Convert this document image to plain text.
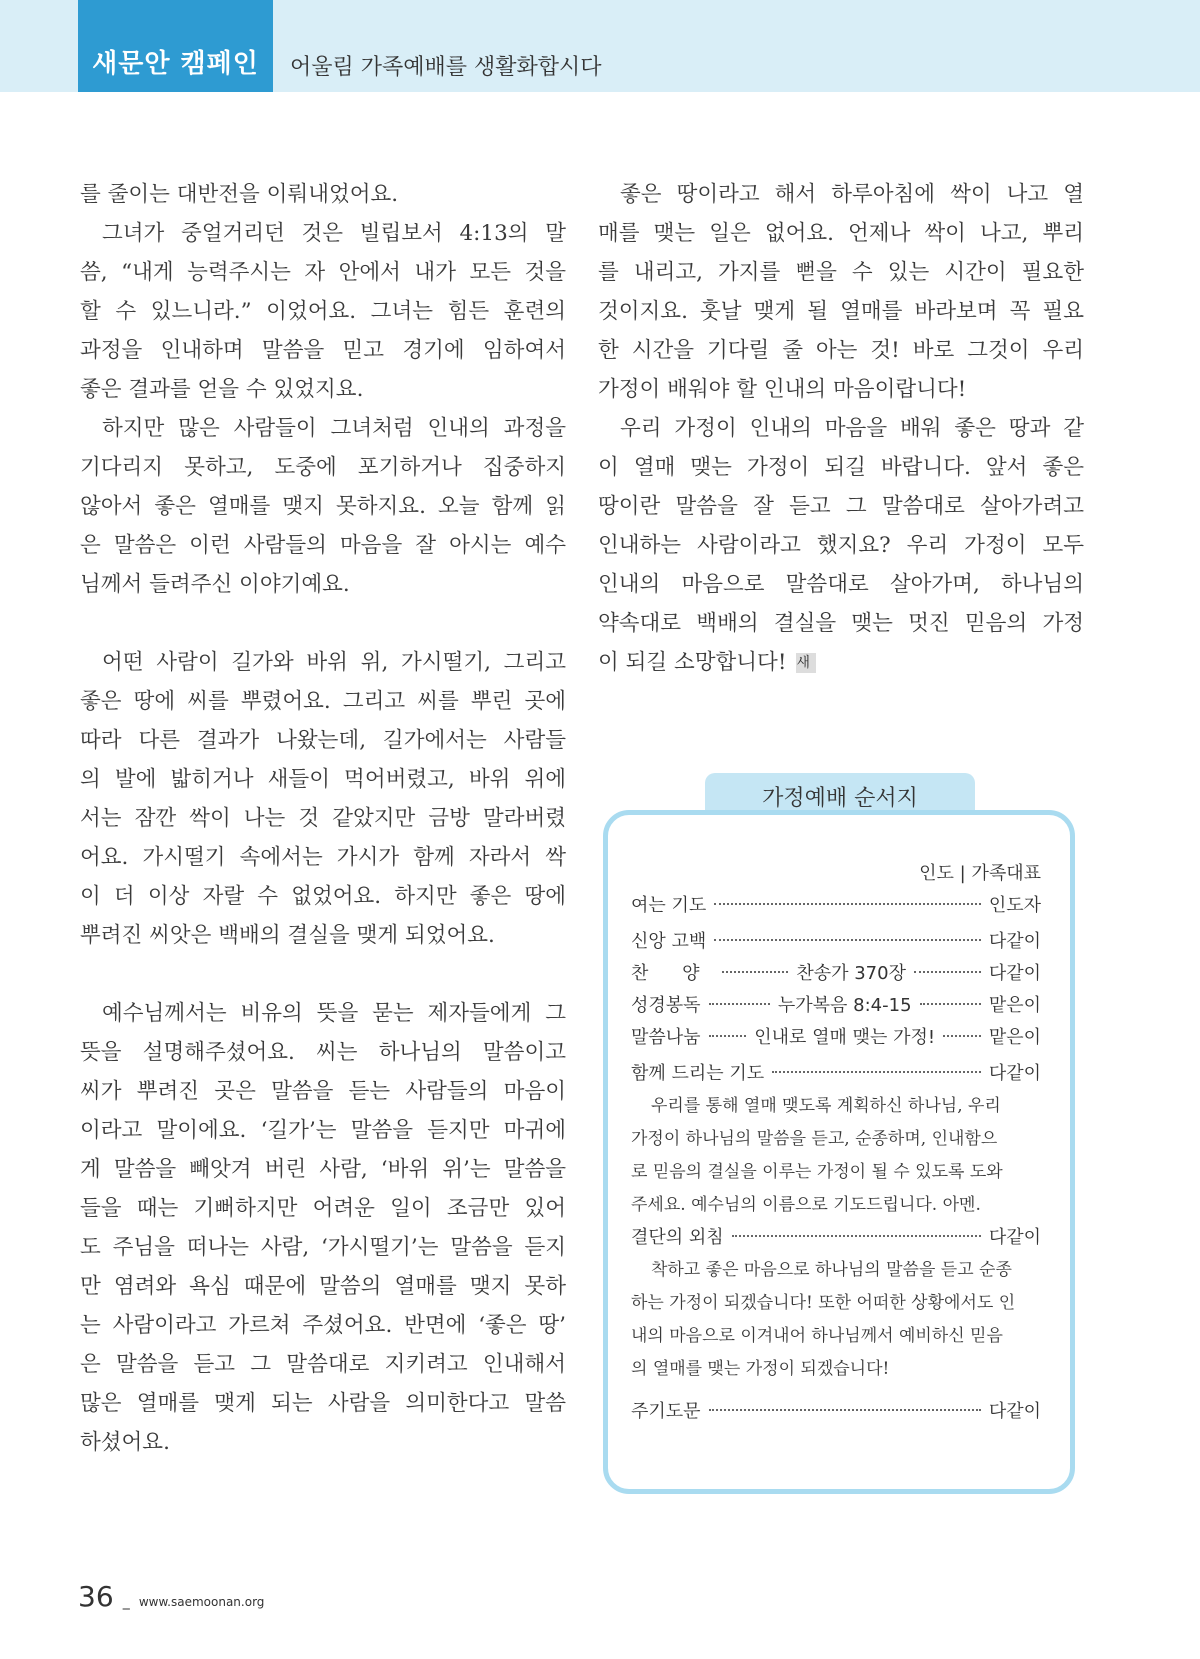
새문안 캠페인	어울림 가족예배를 생활화합시다
를 줄이는 대반전을 이뤄내었어요.
그녀가 중얼거리던 것은 빌립보서 4:13의 말
씀, “내게 능력주시는 자 안에서 내가 모든 것을
할 수 있느니라.” 이었어요. 그녀는 힘든 훈련의
과정을 인내하며 말씀을 믿고 경기에 임하여서
좋은 결과를 얻을 수 있었지요.
하지만 많은 사람들이 그녀처럼 인내의 과정을
기다리지 못하고, 도중에 포기하거나 집중하지
않아서 좋은 열매를 맺지 못하지요. 오늘 함께 읽
은 말씀은 이런 사람들의 마음을 잘 아시는 예수
님께서 들려주신 이야기예요.
어떤 사람이 길가와 바위 위, 가시떨기, 그리고
좋은 땅에 씨를 뿌렸어요. 그리고 씨를 뿌린 곳에
따라 다른 결과가 나왔는데, 길가에서는 사람들
의 발에 밟히거나 새들이 먹어버렸고, 바위 위에
서는 잠깐 싹이 나는 것 같았지만 금방 말라버렸
어요. 가시떨기 속에서는 가시가 함께 자라서 싹
이 더 이상 자랄 수 없었어요. 하지만 좋은 땅에
뿌려진 씨앗은 백배의 결실을 맺게 되었어요.
예수님께서는 비유의 뜻을 묻는 제자들에게 그
뜻을 설명해주셨어요. 씨는 하나님의 말씀이고
씨가 뿌려진 곳은 말씀을 듣는 사람들의 마음이
이라고 말이에요. ‘길가’는 말씀을 듣지만 마귀에
게 말씀을 빼앗겨 버린 사람, ‘바위 위’는 말씀을
들을 때는 기뻐하지만 어려운 일이 조금만 있어
도 주님을 떠나는 사람, ‘가시떨기’는 말씀을 듣지
만 염려와 욕심 때문에 말씀의 열매를 맺지 못하
는 사람이라고 가르쳐 주셨어요. 반면에 ‘좋은 땅’
은 말씀을 듣고 그 말씀대로 지키려고 인내해서
많은 열매를 맺게 되는 사람을 의미한다고 말씀
하셨어요.
좋은 땅이라고 해서 하루아침에 싹이 나고 열
매를 맺는 일은 없어요. 언제나 싹이 나고, 뿌리
를 내리고, 가지를 뻗을 수 있는 시간이 필요한
것이지요. 훗날 맺게 될 열매를 바라보며 꼭 필요
한 시간을 기다릴 줄 아는 것! 바로 그것이 우리
가정이 배워야 할 인내의 마음이랍니다!
우리 가정이 인내의 마음을 배워 좋은 땅과 같
이 열매 맺는 가정이 되길 바랍니다. 앞서 좋은
땅이란 말씀을 잘 듣고 그 말씀대로 살아가려고
인내하는 사람이라고 했지요? 우리 가정이 모두
인내의 마음으로 말씀대로 살아가며, 하나님의
약속대로 백배의 결실을 맺는 멋진 믿음의 가정
이 되길 소망합니다! 새
가정예배 순서지
인도 | 가족대표
여는 기도	인도자
신앙 고백	다같이
찬 양	찬송가 370장	다같이
성경봉독	누가복음 8:4-15	맡은이
말씀나눔	인내로 열매 맺는 가정!	맡은이
함께 드리는 기도	다같이
우리를 통해 열매 맺도록 계획하신 하나님, 우리
가정이 하나님의 말씀을 듣고, 순종하며, 인내함으
로 믿음의 결실을 이루는 가정이 될 수 있도록 도와
주세요. 예수님의 이름으로 기도드립니다. 아멘.
결단의 외침	다같이
착하고 좋은 마음으로 하나님의 말씀을 듣고 순종
하는 가정이 되겠습니다! 또한 어떠한 상황에서도 인
내의 마음으로 이겨내어 하나님께서 예비하신 믿음
의 열매를 맺는 가정이 되겠습니다!
주기도문	다같이
36 _ www.saemoonan.org
